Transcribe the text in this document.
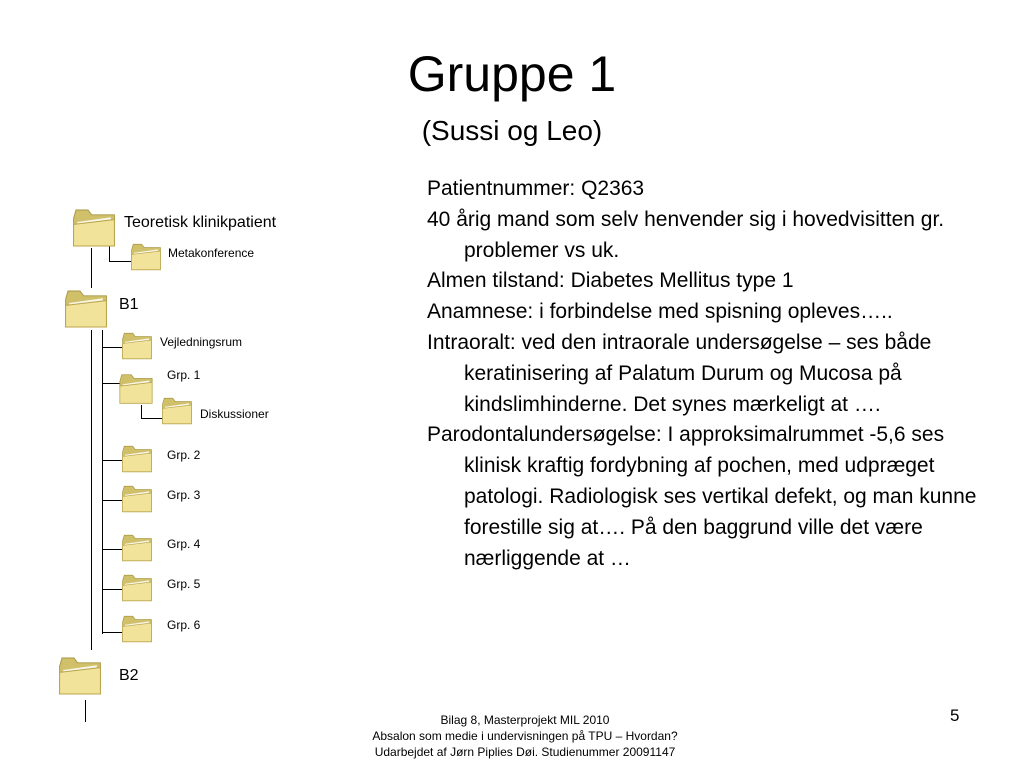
Gruppe 1
(Sussi og Leo)
Teoretisk klinikpatient
Metakonference
B1
Vejledningsrum
Grp. 1
Diskussioner
Grp. 2
Grp. 3
Grp. 4
Grp. 5
Grp. 6
B2
Patientnummer: Q2363
40 årig mand som selv henvender sig i hovedvisitten gr. problemer vs uk.
Almen tilstand: Diabetes Mellitus type 1
Anamnese: i forbindelse med spisning opleves…..
Intraoralt: ved den intraorale undersøgelse – ses både keratinisering af Palatum Durum og Mucosa på kindslimhinderne. Det synes mærkeligt at ….
Parodontalundersøgelse: I approksimalrummet -5,6 ses klinisk kraftig fordybning af pochen, med udpræget patologi. Radiologisk ses vertikal defekt, og man kunne forestille sig at…. På den baggrund ville det være nærliggende at …
Bilag 8, Masterprojekt MIL 2010
Absalon som medie i undervisningen på TPU – Hvordan?
Udarbejdet af Jørn Piplies Døi. Studienummer 20091147
5
